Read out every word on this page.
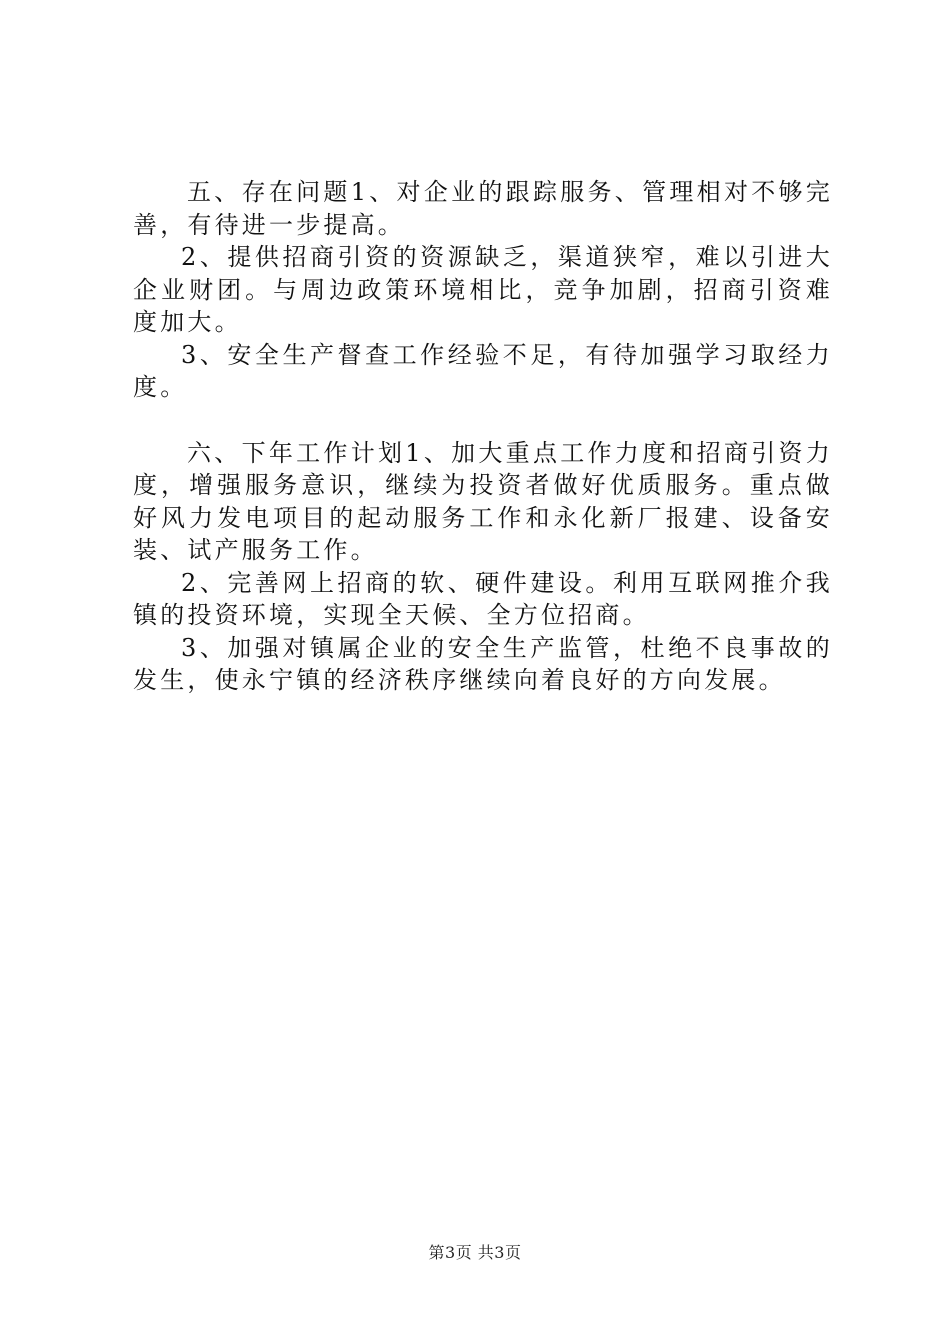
五、存在问题1、对企业的跟踪服务、管理相对不够完善，有待进一步提高。

2、提供招商引资的资源缺乏，渠道狭窄，难以引进大企业财团。与周边政策环境相比，竞争加剧，招商引资难度加大。

3、安全生产督查工作经验不足，有待加强学习取经力度。

六、下年工作计划1、加大重点工作力度和招商引资力度，增强服务意识，继续为投资者做好优质服务。重点做好风力发电项目的起动服务工作和永化新厂报建、设备安装、试产服务工作。

2、完善网上招商的软、硬件建设。利用互联网推介我镇的投资环境，实现全天候、全方位招商。

3、加强对镇属企业的安全生产监管，杜绝不良事故的发生，使永宁镇的经济秩序继续向着良好的方向发展。

第3页 共3页
